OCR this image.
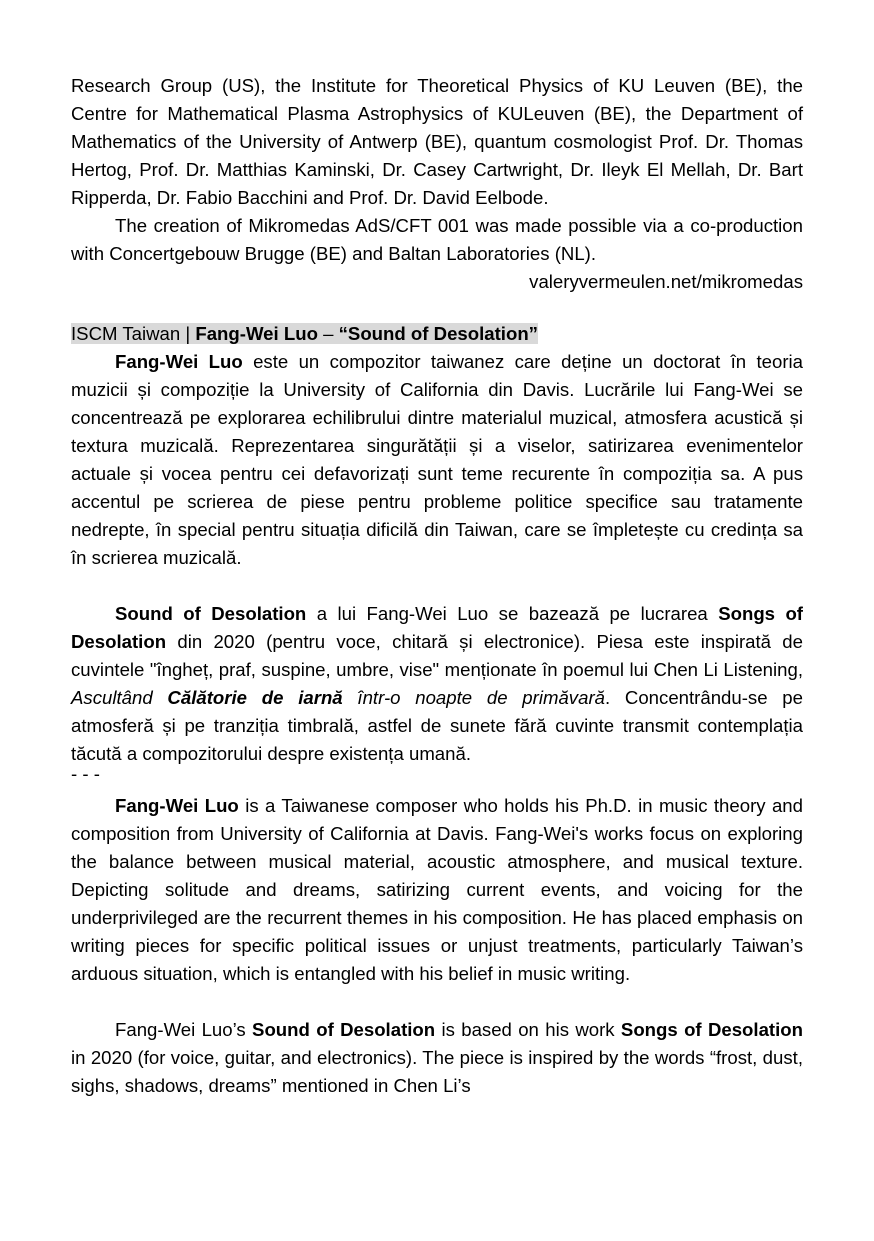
Research Group (US), the Institute for Theoretical Physics of KU Leuven (BE), the Centre for Mathematical Plasma Astrophysics of KULeuven (BE), the Department of Mathematics of the University of Antwerp (BE), quantum cosmologist Prof. Dr. Thomas Hertog, Prof. Dr. Matthias Kaminski, Dr. Casey Cartwright, Dr. Ileyk El Mellah, Dr. Bart Ripperda, Dr. Fabio Bacchini and Prof. Dr. David Eelbode.

The creation of Mikromedas AdS/CFT 001 was made possible via a co-production with Concertgebouw Brugge (BE) and Baltan Laboratories (NL).

valeryvermeulen.net/mikromedas

ISCM Taiwan | Fang-Wei Luo – “Sound of Desolation”

Fang-Wei Luo este un compozitor taiwanez care deține un doctorat în teoria muzicii și compoziție la University of California din Davis. Lucrările lui Fang-Wei se concentrează pe explorarea echilibrului dintre materialul muzical, atmosfera acustică și textura muzicală. Reprezentarea singurătății și a viselor, satirizarea evenimentelor actuale și vocea pentru cei defavorizați sunt teme recurente în compoziția sa. A pus accentul pe scrierea de piese pentru probleme politice specifice sau tratamente nedrepte, în special pentru situația dificilă din Taiwan, care se împletește cu credința sa în scrierea muzicală.

Sound of Desolation a lui Fang-Wei Luo se bazează pe lucrarea Songs of Desolation din 2020 (pentru voce, chitară și electronice). Piesa este inspirată de cuvintele "îngheț, praf, suspine, umbre, vise" menționate în poemul lui Chen Li Listening, Ascultând Călătorie de iarnă într-o noapte de primăvară. Concentrându-se pe atmosferă și pe tranziția timbrală, astfel de sunete fără cuvinte transmit contemplația tăcută a compozitorului despre existența umană.

- - -

Fang-Wei Luo is a Taiwanese composer who holds his Ph.D. in music theory and composition from University of California at Davis. Fang-Wei's works focus on exploring the balance between musical material, acoustic atmosphere, and musical texture. Depicting solitude and dreams, satirizing current events, and voicing for the underprivileged are the recurrent themes in his composition. He has placed emphasis on writing pieces for specific political issues or unjust treatments, particularly Taiwan’s arduous situation, which is entangled with his belief in music writing.

Fang-Wei Luo’s Sound of Desolation is based on his work Songs of Desolation in 2020 (for voice, guitar, and electronics). The piece is inspired by the words “frost, dust, sighs, shadows, dreams” mentioned in Chen Li’s
